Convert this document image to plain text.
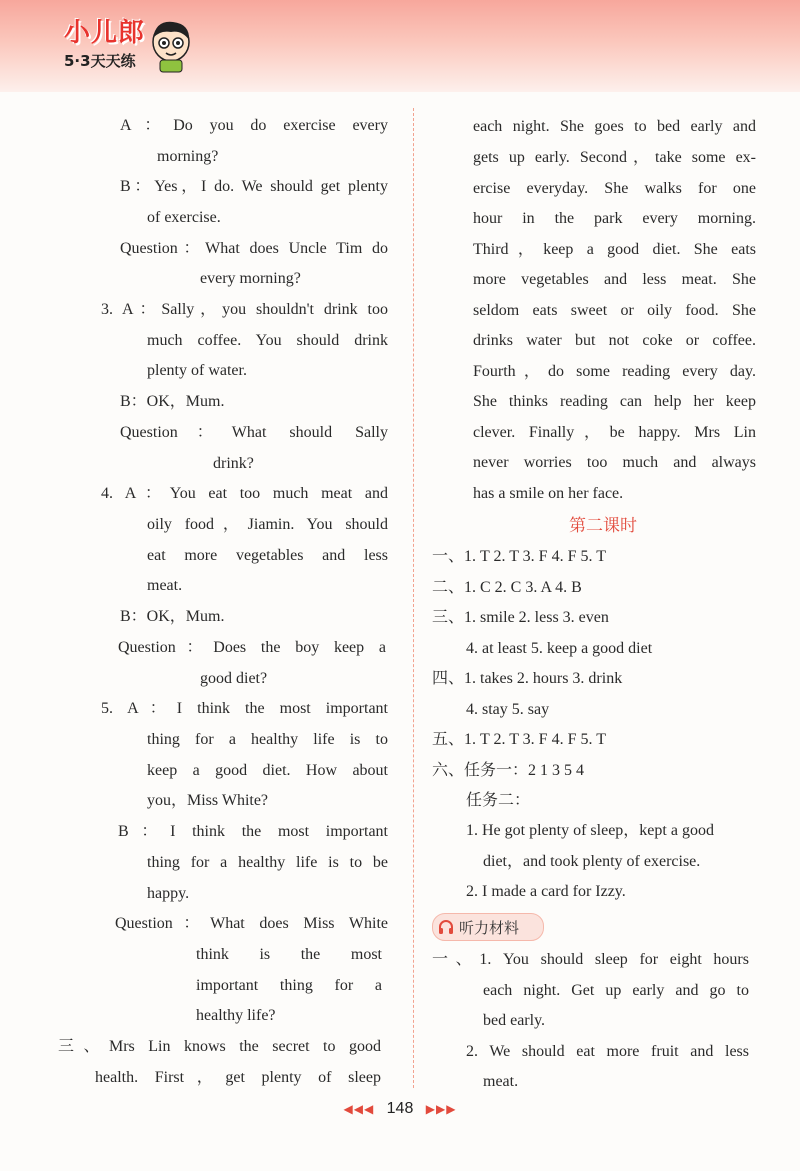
小儿郎
5·3天天练
A：Do you do exercise every
morning?
B：Yes，I do. We should get plenty
of exercise.
Question：What does Uncle Tim do
every morning?
3. A：Sally，you shouldn't drink too
much coffee. You should drink
plenty of water.
B：OK，Mum.
Question：What should Sally
drink?
4. A：You eat too much meat and
oily food，Jiamin. You should
eat more vegetables and less
meat.
B：OK，Mum.
Question：Does the boy keep a
good diet?
5. A：I think the most important
thing for a healthy life is to
keep a good diet. How about
you，Miss White?
B：I think the most important
thing for a healthy life is to be
happy.
Question：What does Miss White
think is the most
important thing for a
healthy life?
三、Mrs Lin knows the secret to good
health. First，get plenty of sleep
each night. She goes to bed early and
gets up early. Second，take some ex-
ercise everyday. She walks for one
hour in the park every morning.
Third，keep a good diet. She eats
more vegetables and less meat. She
seldom eats sweet or oily food. She
drinks water but not coke or coffee.
Fourth，do some reading every day.
She thinks reading can help her keep
clever. Finally，be happy. Mrs Lin
never worries too much and always
has a smile on her face.
一、1. T 2. T 3. F 4. F 5. T
二、1. C 2. C 3. A 4. B
三、1. smile 2. less 3. even
4. at least 5. keep a good diet
四、1. takes 2. hours 3. drink
4. stay 5. say
五、1. T 2. T 3. F 4. F 5. T
六、任务一：2 1 3 5 4
任务二：
1. He got plenty of sleep，kept a good
diet，and took plenty of exercise.
2. I made a card for Izzy.
一、1. You should sleep for eight hours
each night. Get up early and go to
bed early.
2. We should eat more fruit and less
meat.
第二课时
听力材料
◀◀◀ 148 ▶▶▶
